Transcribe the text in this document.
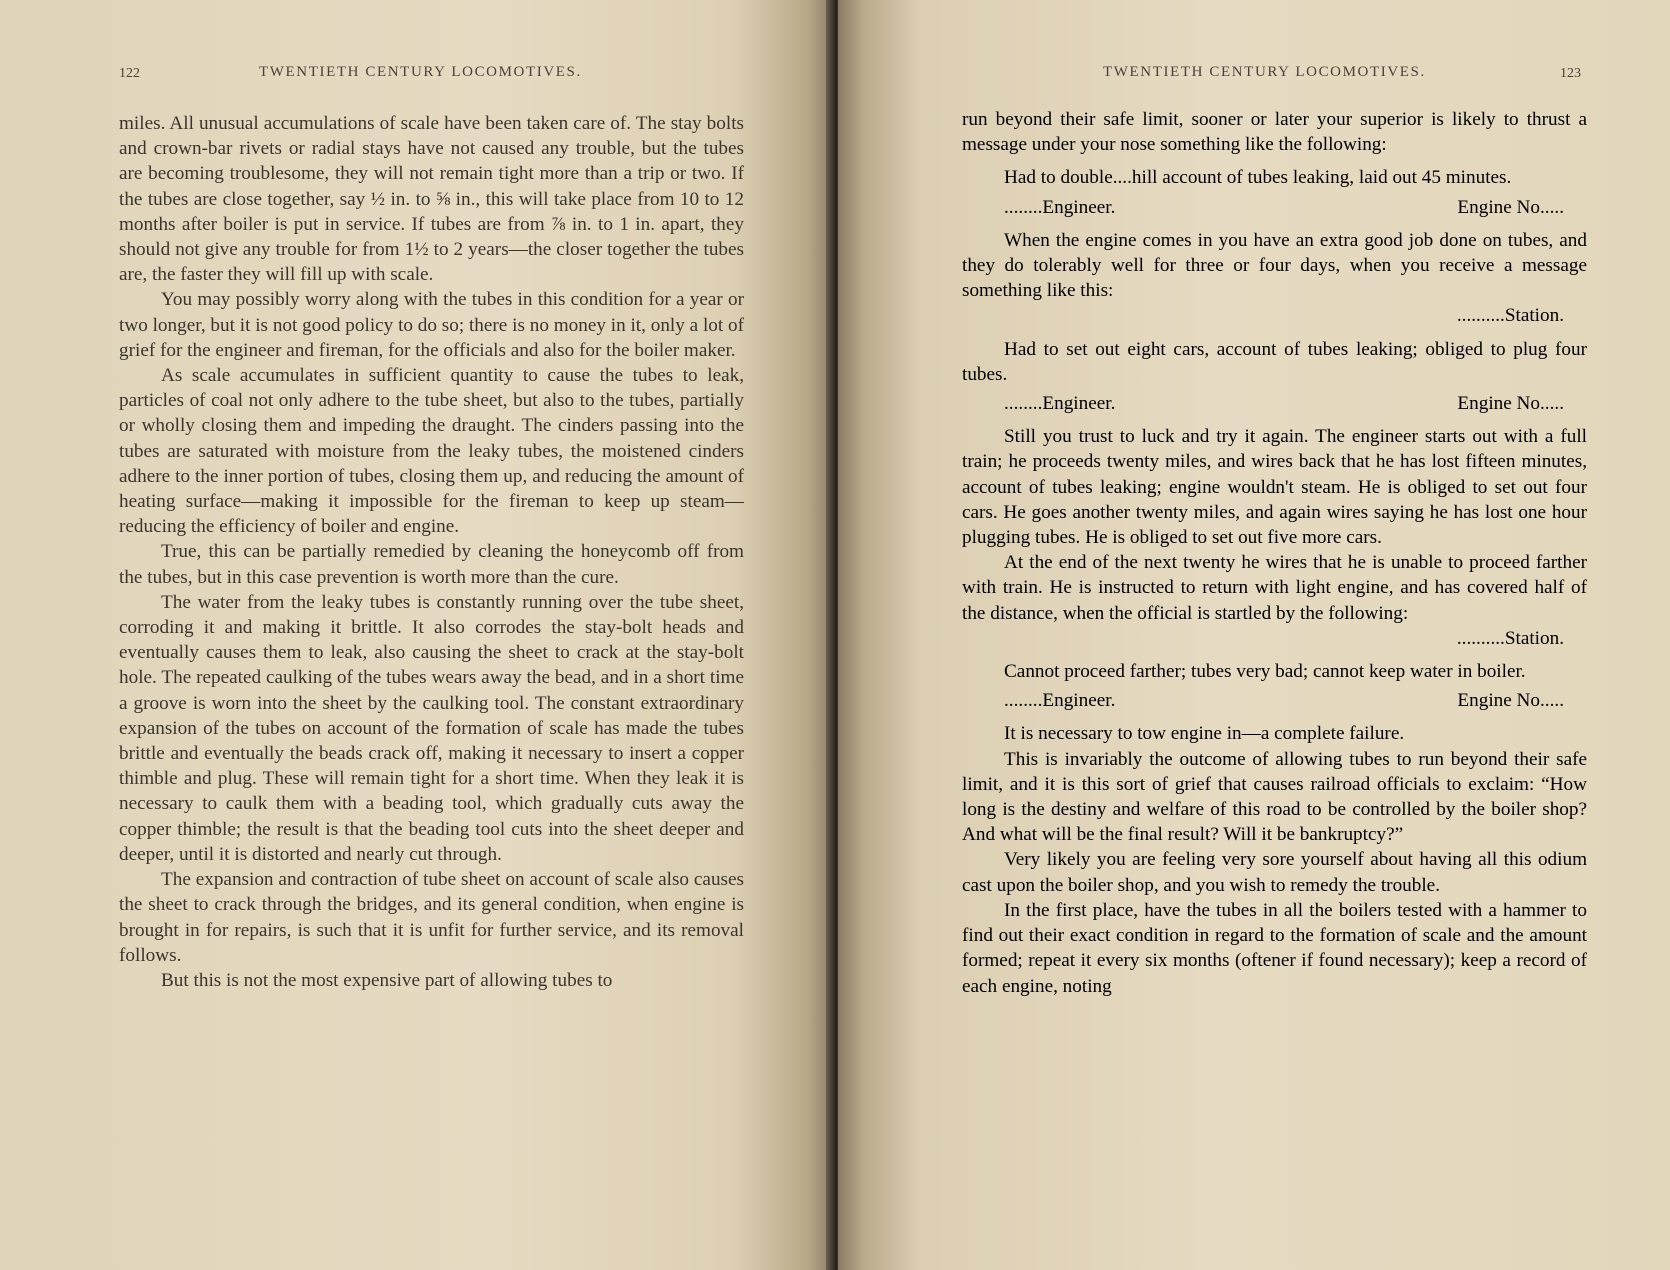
122	TWENTIETH CENTURY LOCOMOTIVES.

miles. All unusual accumulations of scale have been taken care of. The stay bolts and crown-bar rivets or radial stays have not caused any trouble, but the tubes are becoming troublesome, they will not remain tight more than a trip or two. If the tubes are close together, say ½ in. to ⅝ in., this will take place from 10 to 12 months after boiler is put in service. If tubes are from ⅞ in. to 1 in. apart, they should not give any trouble for from 1½ to 2 years—the closer together the tubes are, the faster they will fill up with scale.

You may possibly worry along with the tubes in this condition for a year or two longer, but it is not good policy to do so; there is no money in it, only a lot of grief for the engineer and fireman, for the officials and also for the boiler maker.

As scale accumulates in sufficient quantity to cause the tubes to leak, particles of coal not only adhere to the tube sheet, but also to the tubes, partially or wholly closing them and impeding the draught. The cinders passing into the tubes are saturated with moisture from the leaky tubes, the moistened cinders adhere to the inner portion of tubes, closing them up, and reducing the amount of heating surface—making it impossible for the fireman to keep up steam—reducing the efficiency of boiler and engine.

True, this can be partially remedied by cleaning the honeycomb off from the tubes, but in this case prevention is worth more than the cure.

The water from the leaky tubes is constantly running over the tube sheet, corroding it and making it brittle. It also corrodes the stay-bolt heads and eventually causes them to leak, also causing the sheet to crack at the stay-bolt hole. The repeated caulking of the tubes wears away the bead, and in a short time a groove is worn into the sheet by the caulking tool. The constant extraordinary expansion of the tubes on account of the formation of scale has made the tubes brittle and eventually the beads crack off, making it necessary to insert a copper thimble and plug. These will remain tight for a short time. When they leak it is necessary to caulk them with a beading tool, which gradually cuts away the copper thimble; the result is that the beading tool cuts into the sheet deeper and deeper, until it is distorted and nearly cut through.

The expansion and contraction of tube sheet on account of scale also causes the sheet to crack through the bridges, and its general condition, when engine is brought in for repairs, is such that it is unfit for further service, and its removal follows.

But this is not the most expensive part of allowing tubes to

TWENTIETH CENTURY LOCOMOTIVES.	123

run beyond their safe limit, sooner or later your superior is likely to thrust a message under your nose something like the following:

Had to double....hill account of tubes leaking, laid out 45 minutes.

........Engineer.	Engine No.....

When the engine comes in you have an extra good job done on tubes, and they do tolerably well for three or four days, when you receive a message something like this:

..........Station.

Had to set out eight cars, account of tubes leaking; obliged to plug four tubes.

........Engineer.	Engine No.....

Still you trust to luck and try it again. The engineer starts out with a full train; he proceeds twenty miles, and wires back that he has lost fifteen minutes, account of tubes leaking; engine wouldn't steam. He is obliged to set out four cars. He goes another twenty miles, and again wires saying he has lost one hour plugging tubes. He is obliged to set out five more cars.

At the end of the next twenty he wires that he is unable to proceed farther with train. He is instructed to return with light engine, and has covered half of the distance, when the official is startled by the following:

..........Station.

Cannot proceed farther; tubes very bad; cannot keep water in boiler.

........Engineer.	Engine No.....

It is necessary to tow engine in—a complete failure.

This is invariably the outcome of allowing tubes to run beyond their safe limit, and it is this sort of grief that causes railroad officials to exclaim: “How long is the destiny and welfare of this road to be controlled by the boiler shop? And what will be the final result? Will it be bankruptcy?”

Very likely you are feeling very sore yourself about having all this odium cast upon the boiler shop, and you wish to remedy the trouble.

In the first place, have the tubes in all the boilers tested with a hammer to find out their exact condition in regard to the formation of scale and the amount formed; repeat it every six months (oftener if found necessary); keep a record of each engine, noting
